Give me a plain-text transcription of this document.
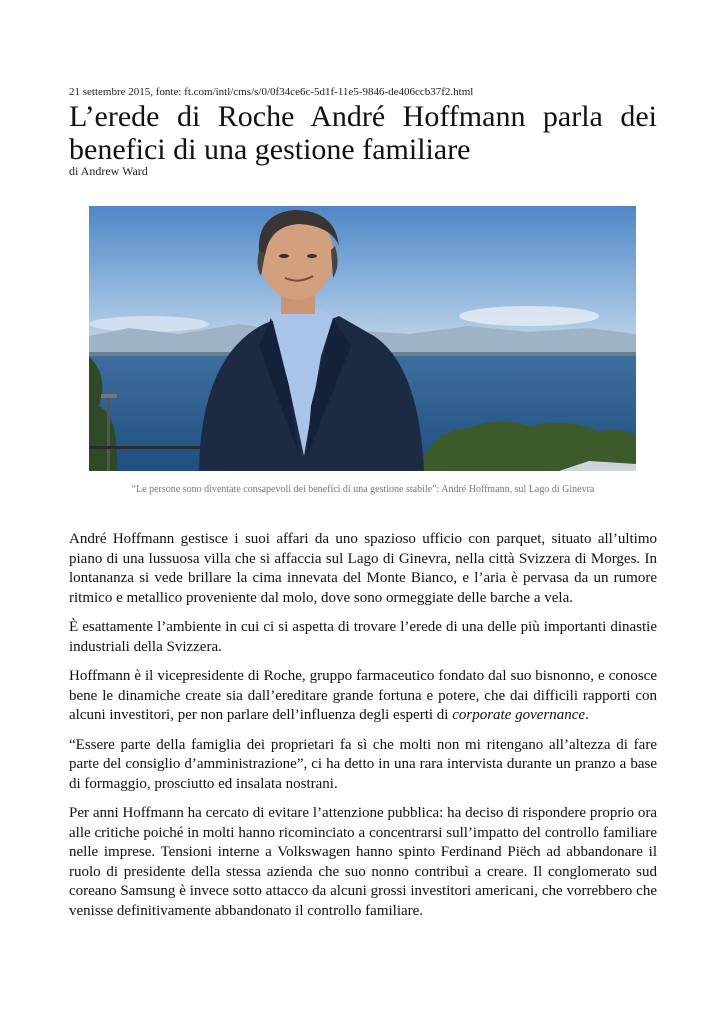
21 settembre 2015, fonte: ft.com/intl/cms/s/0/0f34ce6c-5d1f-11e5-9846-de406ccb37f2.html
L’erede di Roche André Hoffmann parla dei benefici di una gestione familiare
di Andrew Ward
“Le persone sono diventate consapevoli dei benefici di una gestione stabile”: André Hoffmann, sul Lago di Ginevra

André Hoffmann gestisce i suoi affari da uno spazioso ufficio con parquet, situato all’ultimo piano di una lussuosa villa che si affaccia sul Lago di Ginevra, nella città Svizzera di Morges. In lontananza si vede brillare la cima innevata del Monte Bianco, e l’aria è pervasa da un rumore ritmico e metallico proveniente dal molo, dove sono ormeggiate delle barche a vela.

È esattamente l’ambiente in cui ci si aspetta di trovare l’erede di una delle più importanti dinastie industriali della Svizzera.

Hoffmann è il vicepresidente di Roche, gruppo farmaceutico fondato dal suo bisnonno, e conosce bene le dinamiche create sia dall’ereditare grande fortuna e potere, che dai difficili rapporti con alcuni investitori, per non parlare dell’influenza degli esperti di corporate governance.

“Essere parte della famiglia dei proprietari fa sì che molti non mi ritengano all’altezza di fare parte del consiglio d’amministrazione”, ci ha detto in una rara intervista durante un pranzo a base di formaggio, prosciutto ed insalata nostrani.

Per anni Hoffmann ha cercato di evitare l’attenzione pubblica: ha deciso di rispondere proprio ora alle critiche poiché in molti hanno ricominciato a concentrarsi sull’impatto del controllo familiare nelle imprese. Tensioni interne a Volkswagen hanno spinto Ferdinand Piëch ad abbandonare il ruolo di presidente della stessa azienda che suo nonno contribuì a creare. Il conglomerato sud coreano Samsung è invece sotto attacco da alcuni grossi investitori americani, che vorrebbero che venisse definitivamente abbandonato il controllo familiare.
